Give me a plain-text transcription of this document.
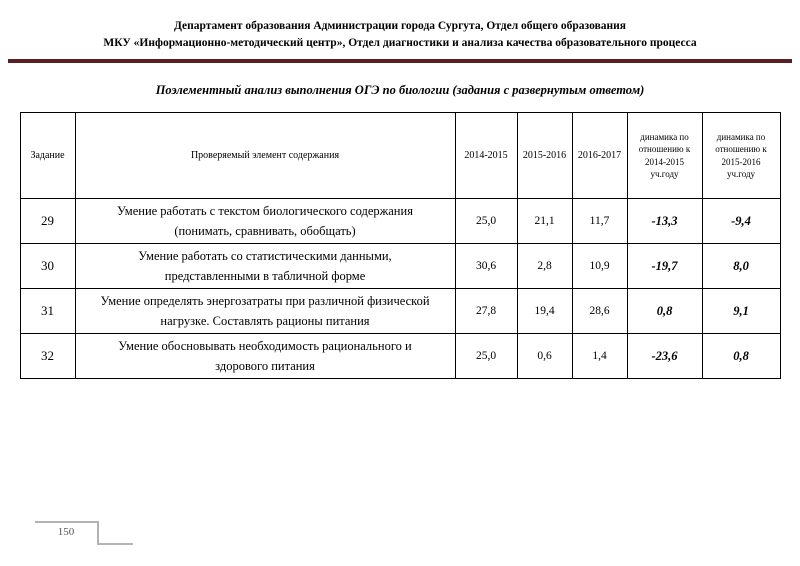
Департамент образования Администрации города Сургута, Отдел общего образования
МКУ «Информационно-методический центр», Отдел диагностики и анализа качества образовательного процесса
Поэлементный анализ выполнения ОГЭ по биологии (задания с развернутым ответом)
Задание	Проверяемый элемент содержания	2014-2015	2015-2016	2016-2017	динамика по отношению к 2014-2015 уч.году	динамика по отношению к 2015-2016 уч.году
29	Умение работать с текстом биологического содержания (понимать, сравнивать, обобщать)	25,0	21,1	11,7	-13,3	-9,4
30	Умение работать со статистическими данными, представленными в табличной форме	30,6	2,8	10,9	-19,7	8,0
31	Умение определять энергозатраты при различной физической нагрузке. Составлять рационы питания	27,8	19,4	28,6	0,8	9,1
32	Умение обосновывать необходимость рационального и здорового питания	25,0	0,6	1,4	-23,6	0,8
150
